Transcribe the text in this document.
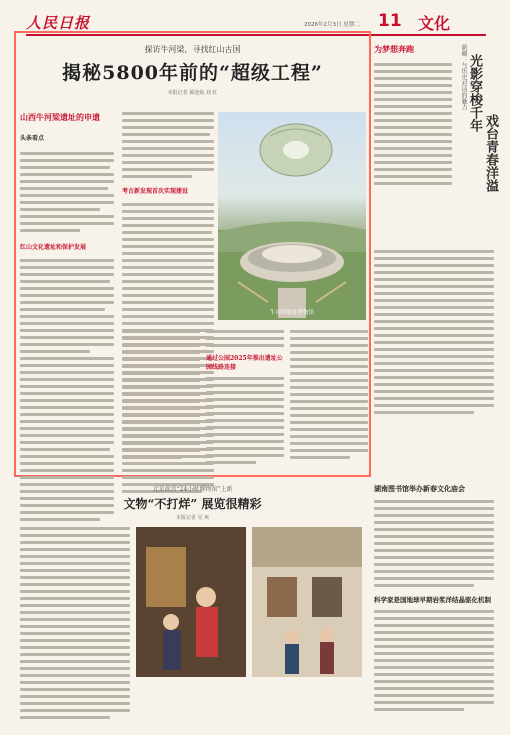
人民日报	2026年2月3日 星期二 11 文化
探访牛河梁，寻找红山古国
揭秘5800年前的“超级工程”
本报记者 郝迎灿 刘 红
山西牛河梁遗址的申遗
头条看点
红山文化遗址和保护发展
考古新发现首次实现建设
牛河梁遗址博物馆
通过公园2025年推出遗址公园线路连接
为梦想奔跑	新疆：与历史对话的魅力 光影穿梭千年
戏台青春洋溢
北京故宫“24小时博物馆”上新
文物“不打烊” 展览很精彩
本报记者 吴 爽
湖南图书馆举办新春文化庙会
科学家是国地球早期岩浆洋结晶驱化机制
